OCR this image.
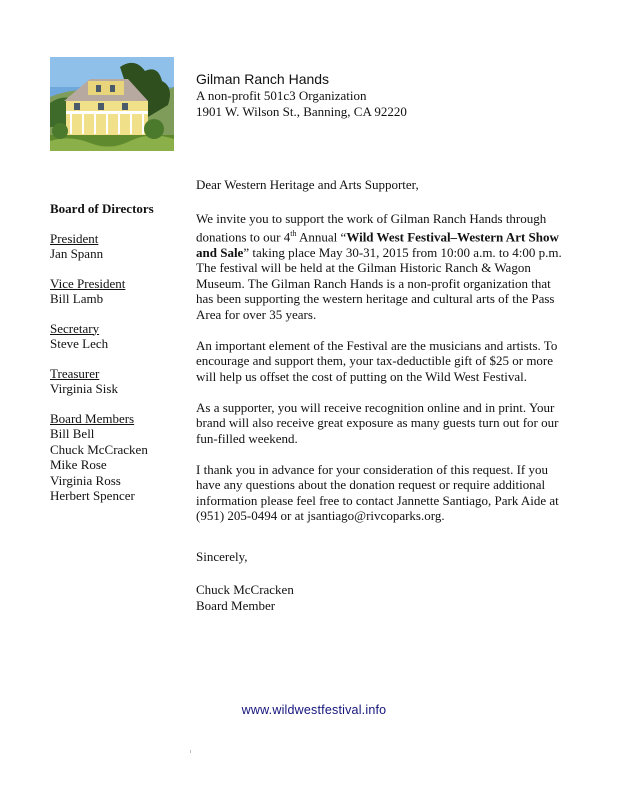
Gilman Ranch Hands
A non-profit 501c3 Organization
1901 W. Wilson St., Banning, CA 92220
Board of Directors
President
Jan Spann
Vice President
Bill Lamb
Secretary
Steve Lech
Treasurer
Virginia Sisk
Board Members
Bill Bell
Chuck McCracken
Mike Rose
Virginia Ross
Herbert Spencer

Dear Western Heritage and Arts Supporter,

We invite you to support the work of Gilman Ranch Hands through donations to our 4th Annual “Wild West Festival–Western Art Show and Sale” taking place May 30-31, 2015 from 10:00 a.m. to 4:00 p.m. The festival will be held at the Gilman Historic Ranch & Wagon Museum. The Gilman Ranch Hands is a non-profit organization that has been supporting the western heritage and cultural arts of the Pass Area for over 35 years.

An important element of the Festival are the musicians and artists. To encourage and support them, your tax-deductible gift of $25 or more will help us offset the cost of putting on the Wild West Festival.

As a supporter, you will receive recognition online and in print. Your brand will also receive great exposure as many guests turn out for our fun-filled weekend.

I thank you in advance for your consideration of this request. If you have any questions about the donation request or require additional information please feel free to contact Jannette Santiago, Park Aide at (951) 205-0494 or at jsantiago@rivcoparks.org.

Sincerely,

Chuck McCracken
Board Member
www.wildwestfestival.info
